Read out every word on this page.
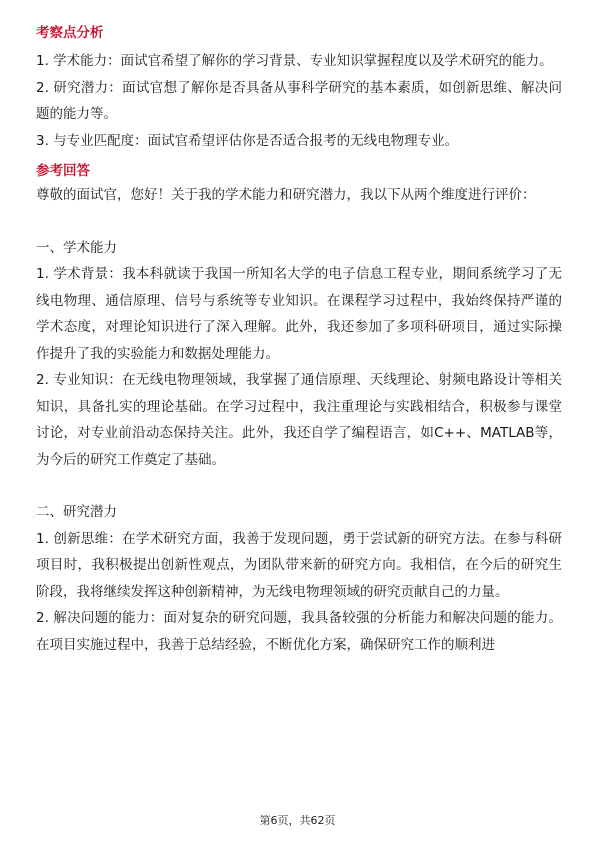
考察点分析

1. 学术能力：面试官希望了解你的学习背景、专业知识掌握程度以及学术研究的能力。

2. 研究潜力：面试官想了解你是否具备从事科学研究的基本素质，如创新思维、解决问题的能力等。

3. 与专业匹配度：面试官希望评估你是否适合报考的无线电物理专业。

参考回答

尊敬的面试官，您好！关于我的学术能力和研究潜力，我以下从两个维度进行评价：

一、学术能力

1. 学术背景：我本科就读于我国一所知名大学的电子信息工程专业，期间系统学习了无线电物理、通信原理、信号与系统等专业知识。在课程学习过程中，我始终保持严谨的学术态度，对理论知识进行了深入理解。此外，我还参加了多项科研项目，通过实际操作提升了我的实验能力和数据处理能力。

2. 专业知识：在无线电物理领域，我掌握了通信原理、天线理论、射频电路设计等相关知识，具备扎实的理论基础。在学习过程中，我注重理论与实践相结合，积极参与课堂讨论，对专业前沿动态保持关注。此外，我还自学了编程语言，如C++、MATLAB等，为今后的研究工作奠定了基础。

二、研究潜力

1. 创新思维：在学术研究方面，我善于发现问题，勇于尝试新的研究方法。在参与科研项目时，我积极提出创新性观点，为团队带来新的研究方向。我相信，在今后的研究生阶段，我将继续发挥这种创新精神，为无线电物理领域的研究贡献自己的力量。

2. 解决问题的能力：面对复杂的研究问题，我具备较强的分析能力和解决问题的能力。在项目实施过程中，我善于总结经验，不断优化方案，确保研究工作的顺利进

第6页，共62页
